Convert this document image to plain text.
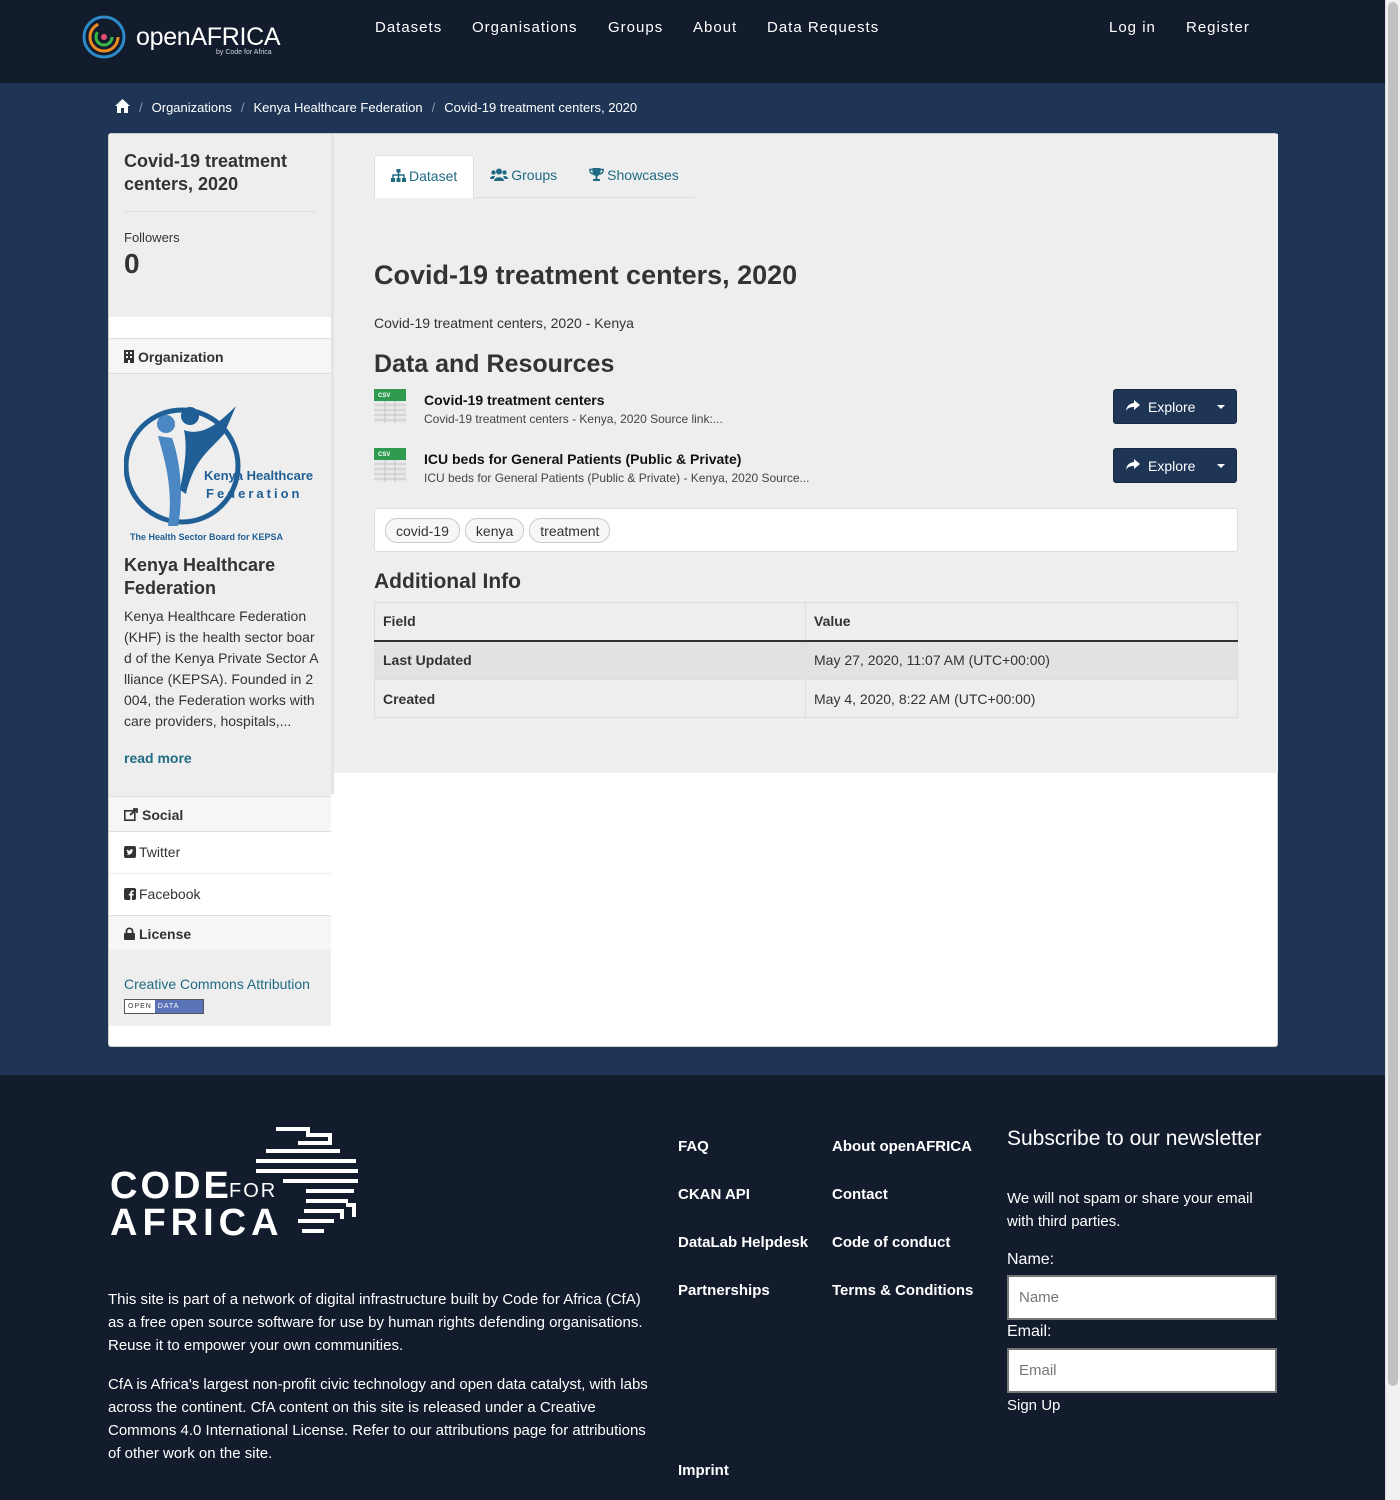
openAFRICA
by Code for Africa
Datasets Organisations Groups About Data Requests	Log in Register
/ Organizations / Kenya Healthcare Federation / Covid-19 treatment centers, 2020
Covid-19 treatment centers, 2020
Followers
0
Organization
Kenya Healthcare
Federation
The Health Sector Board for KEPSA
Kenya Healthcare Federation
Kenya Healthcare Federation (KHF) is the health sector board of the Kenya Private Sector Alliance (KEPSA). Founded in 2004, the Federation works with care providers, hospitals,...
read more
Social
Twitter
Facebook
License
Creative Commons Attribution
OPEN DATA
Dataset	Groups	Showcases
Covid-19 treatment centers, 2020

Covid-19 treatment centers, 2020 - Kenya

Data and Resources
CSV Covid-19 treatment centers

Covid-19 treatment centers - Kenya, 2020 Source link:...

Explore
CSV ICU beds for General Patients (Public & Private)

ICU beds for General Patients (Public & Private) - Kenya, 2020 Source...

Explore
covid-19	kenya	treatment
Additional Info
Field	Value
Last Updated	May 27, 2020, 11:07 AM (UTC+00:00)
Created	May 4, 2020, 8:22 AM (UTC+00:00)
CODE
FOR
AFRICA

This site is part of a network of digital infrastructure built by Code for Africa (CfA) as a free open source software for use by human rights defending organisations. Reuse it to empower your own communities.

CfA is Africa's largest non-profit civic technology and open data catalyst, with labs across the continent. CfA content on this site is released under a Creative Commons 4.0 International License. Refer to our attributions page for attributions of other work on the site.

FAQ
CKAN API
DataLab Helpdesk
Partnerships
About openAFRICA
Contact
Code of conduct
Terms & Conditions
Imprint
Subscribe to our newsletter

We will not spam or share your email with third parties.

Name:
Name
Email:
Email
Sign Up
